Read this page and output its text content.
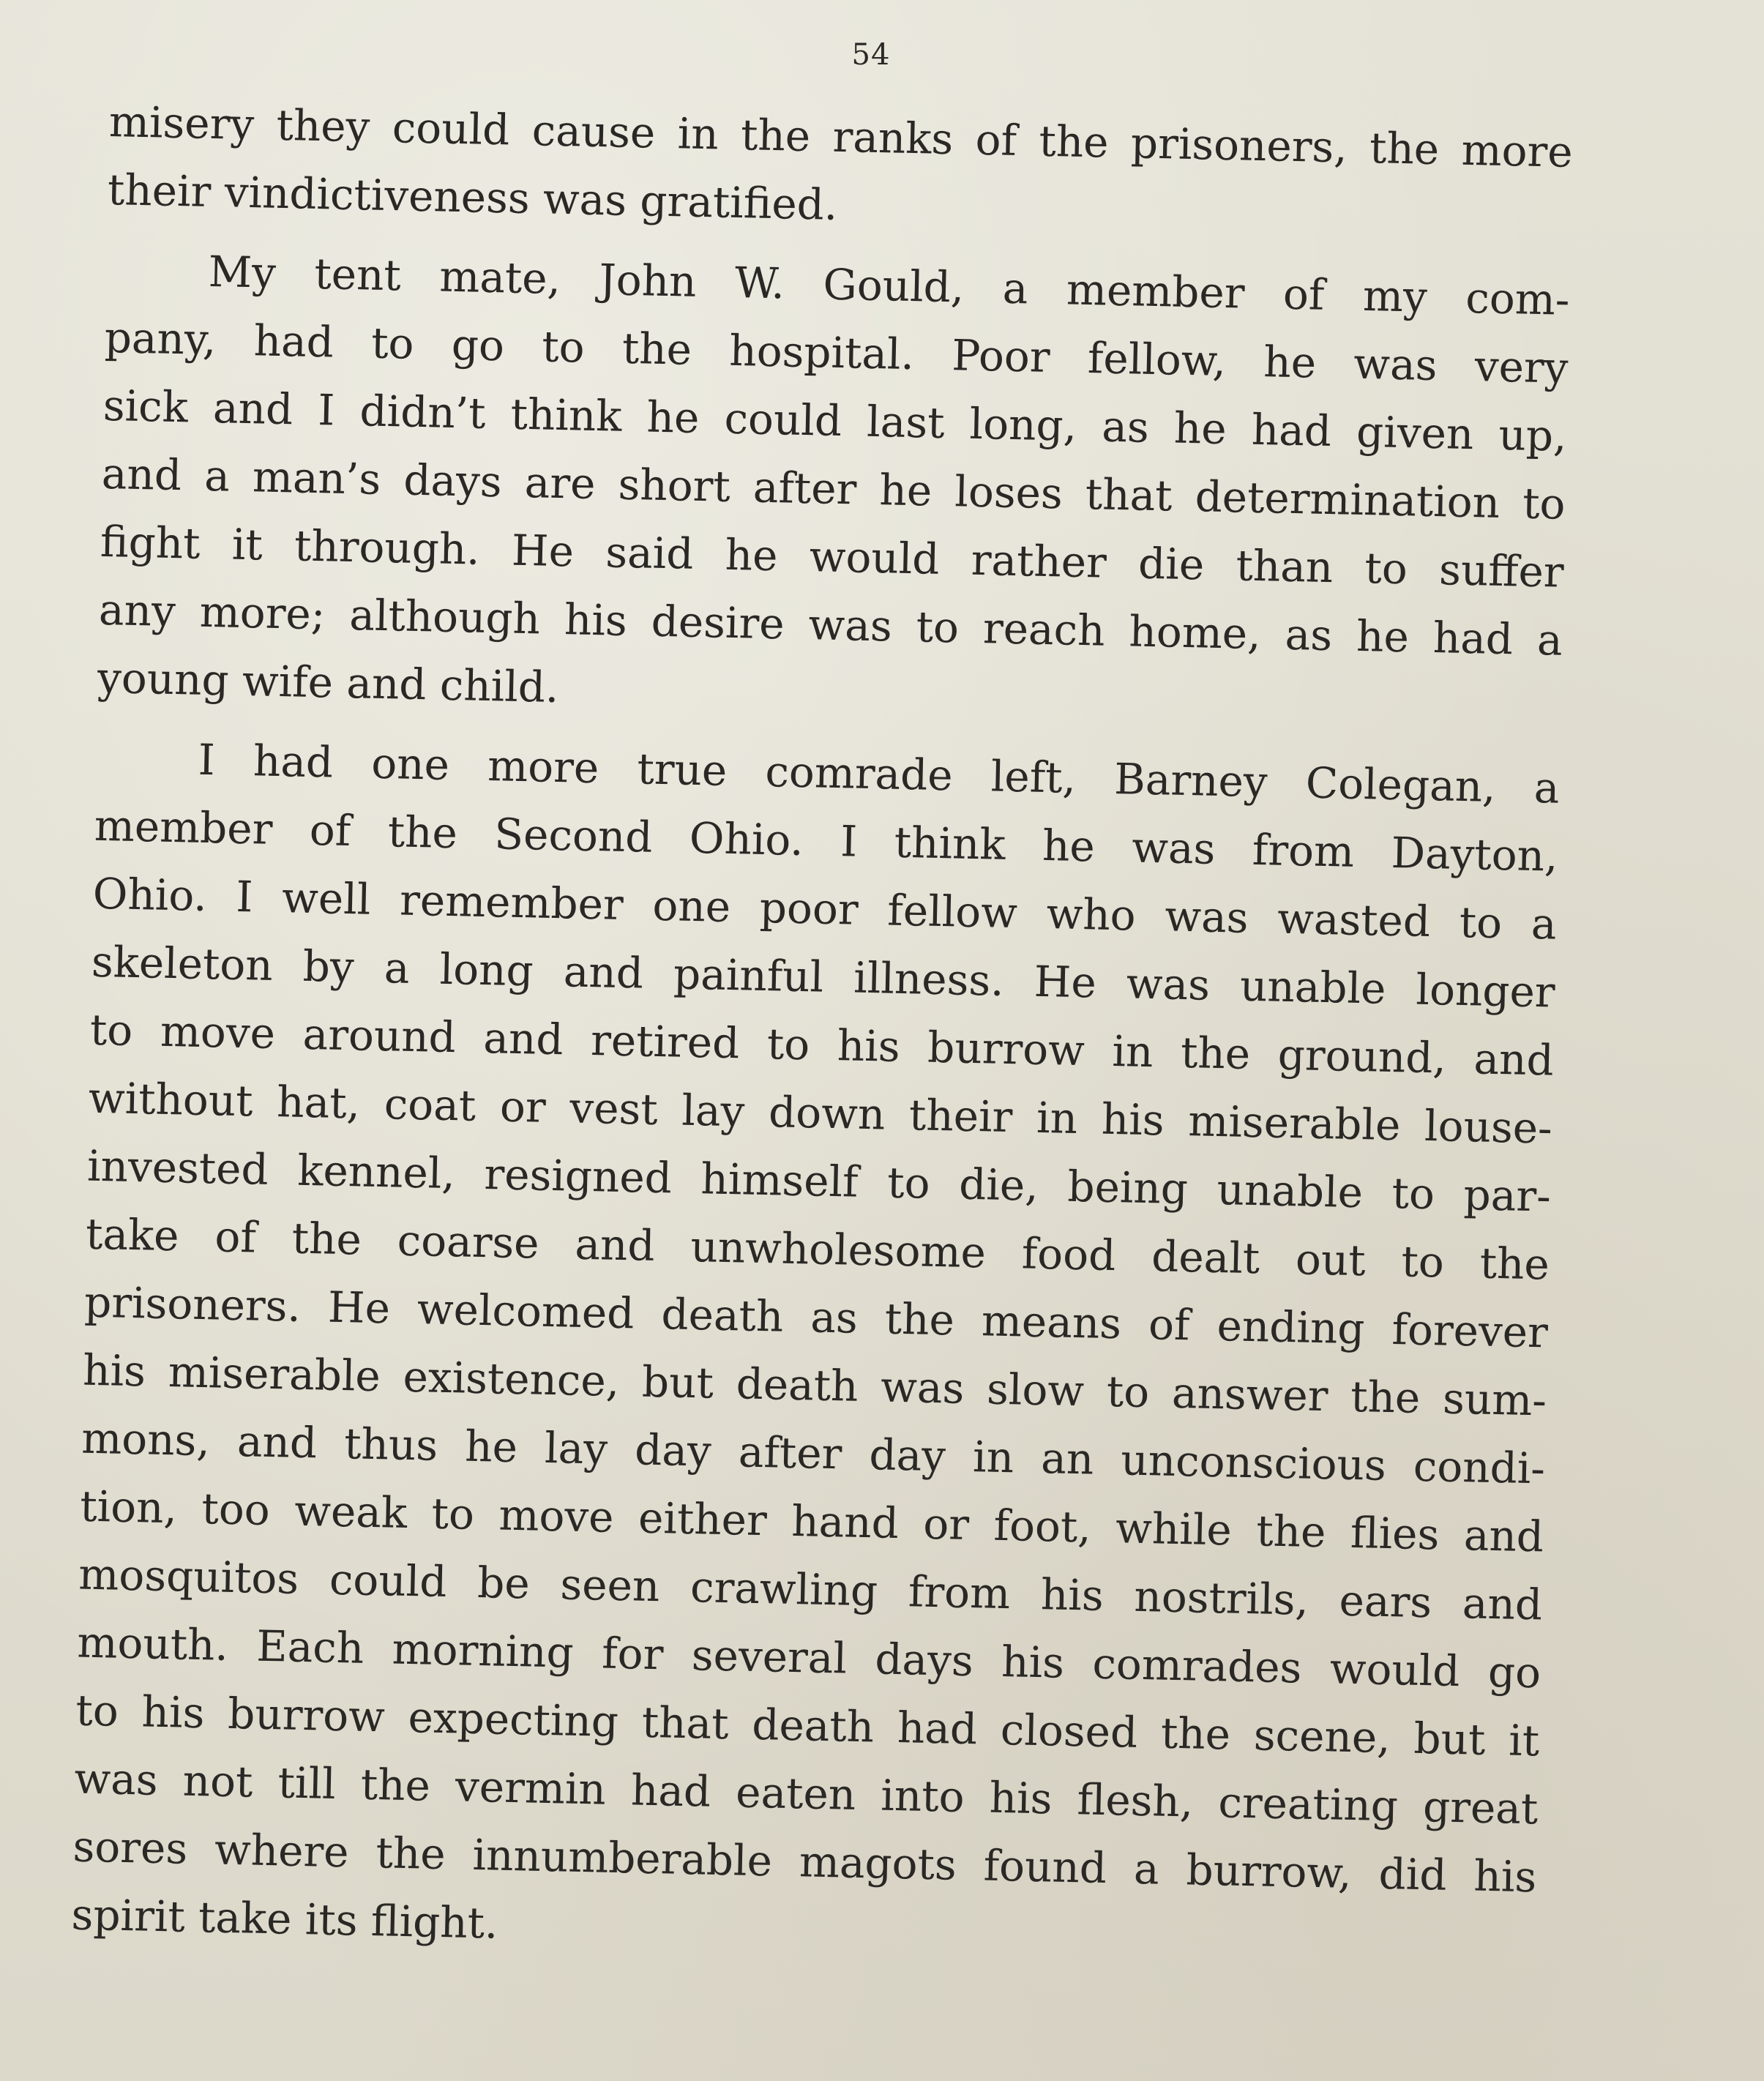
54
misery they could cause in the ranks of the prisoners, the more
their vindictiveness was gratified.
My tent mate, John W. Gould, a member of my com-
pany, had to go to the hospital. Poor fellow, he was very
sick and I didn’t think he could last long, as he had given up,
and a man’s days are short after he loses that determination to
fight it through. He said he would rather die than to suffer
any more; although his desire was to reach home, as he had a
young wife and child.
I had one more true comrade left, Barney Colegan, a
member of the Second Ohio. I think he was from Dayton,
Ohio. I well remember one poor fellow who was wasted to a
skeleton by a long and painful illness. He was unable longer
to move around and retired to his burrow in the ground, and
without hat, coat or vest lay down their in his miserable louse-
invested kennel, resigned himself to die, being unable to par-
take of the coarse and unwholesome food dealt out to the
prisoners. He welcomed death as the means of ending forever
his miserable existence, but death was slow to answer the sum-
mons, and thus he lay day after day in an unconscious condi-
tion, too weak to move either hand or foot, while the flies and
mosquitos could be seen crawling from his nostrils, ears and
mouth. Each morning for several days his comrades would go
to his burrow expecting that death had closed the scene, but it
was not till the vermin had eaten into his flesh, creating great
sores where the innumberable magots found a burrow, did his
spirit take its flight.
